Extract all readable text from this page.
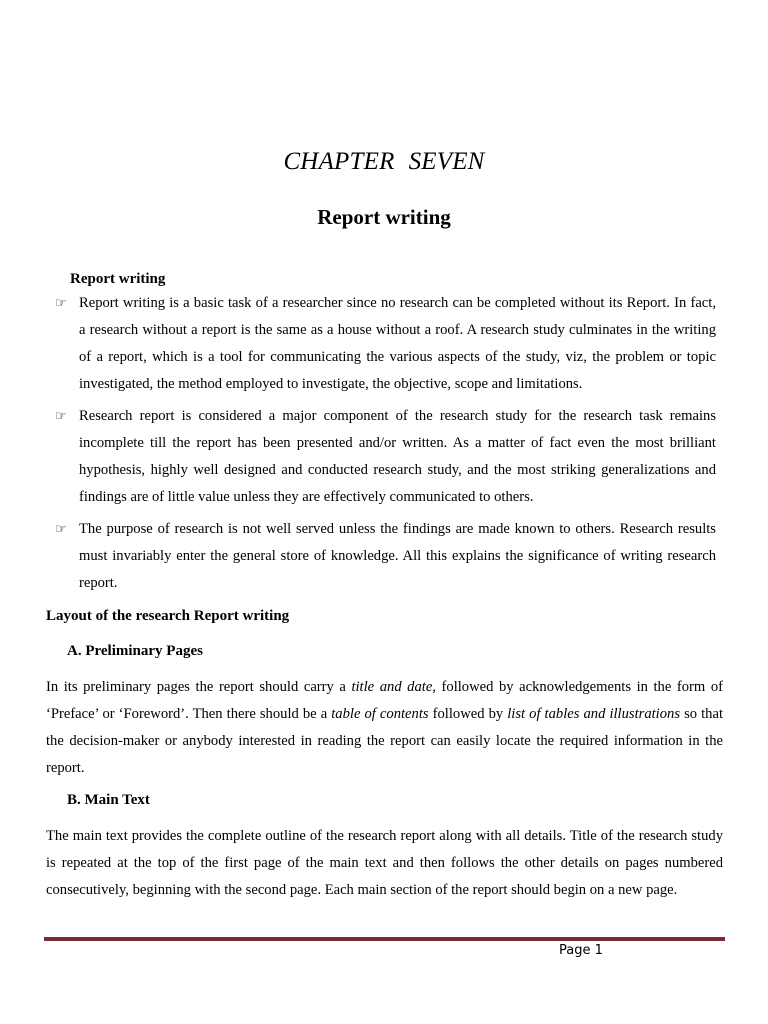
CHAPTER SEVEN
Report writing
Report writing
☞ Report writing is a basic task of a researcher since no research can be completed without its Report. In fact, a research without a report is the same as a house without a roof. A research study culminates in the writing of a report, which is a tool for communicating the various aspects of the study, viz, the problem or topic investigated, the method employed to investigate, the objective, scope and limitations.
☞ Research report is considered a major component of the research study for the research task remains incomplete till the report has been presented and/or written. As a matter of fact even the most brilliant hypothesis, highly well designed and conducted research study, and the most striking generalizations and findings are of little value unless they are effectively communicated to others.
☞ The purpose of research is not well served unless the findings are made known to others. Research results must invariably enter the general store of knowledge. All this explains the significance of writing research report.
Layout of the research Report writing
A. Preliminary Pages

In its preliminary pages the report should carry a title and date, followed by acknowledgements in the form of ‘Preface’ or ‘Foreword’. Then there should be a table of contents followed by list of tables and illustrations so that the decision-maker or anybody interested in reading the report can easily locate the required information in the report.

B. Main Text

The main text provides the complete outline of the research report along with all details. Title of the research study is repeated at the top of the first page of the main text and then follows the other details on pages numbered consecutively, beginning with the second page. Each main section of the report should begin on a new page.

Page 1
